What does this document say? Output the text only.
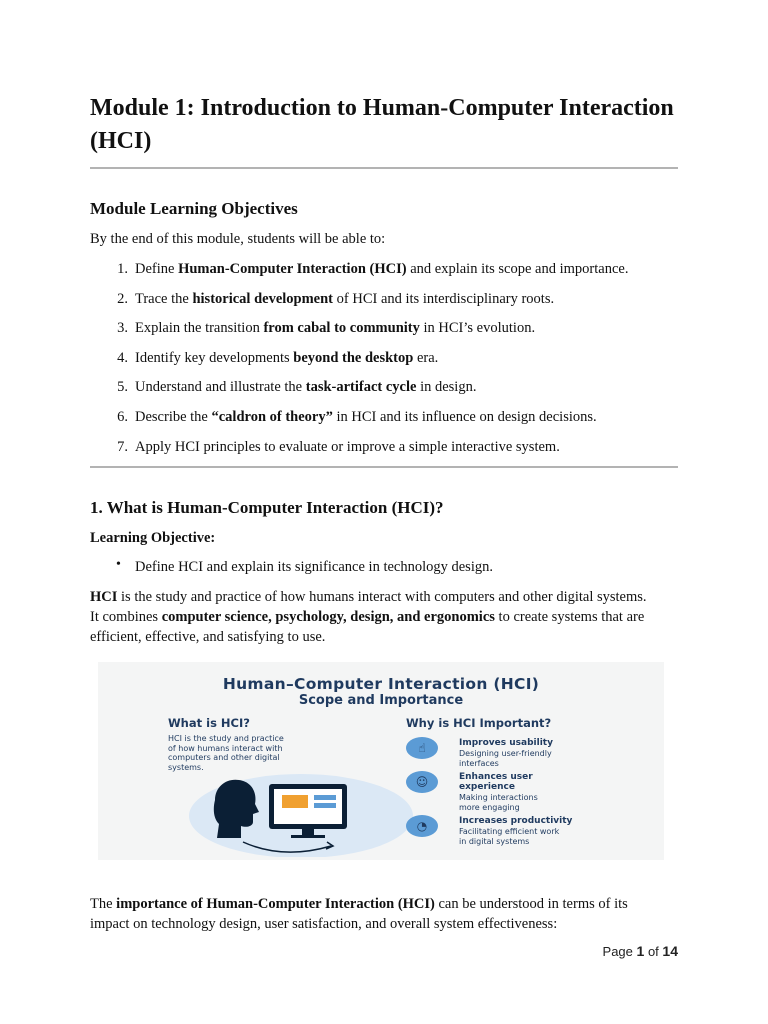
Module 1: Introduction to Human-Computer Interaction (HCI)
Module Learning Objectives

By the end of this module, students will be able to:

1. Define Human-Computer Interaction (HCI) and explain its scope and importance.
2. Trace the historical development of HCI and its interdisciplinary roots.
3. Explain the transition from cabal to community in HCI’s evolution.
4. Identify key developments beyond the desktop era.
5. Understand and illustrate the task-artifact cycle in design.
6. Describe the “caldron of theory” in HCI and its influence on design decisions.
7. Apply HCI principles to evaluate or improve a simple interactive system.
1. What is Human-Computer Interaction (HCI)?

Learning Objective:

• Define HCI and explain its significance in technology design.

HCI is the study and practice of how humans interact with computers and other digital systems.
It combines computer science, psychology, design, and ergonomics to create systems that are
efficient, effective, and satisfying to use.

The importance of Human-Computer Interaction (HCI) can be understood in terms of its
impact on technology design, user satisfaction, and overall system effectiveness:

Human–Computer Interaction (HCI)
Scope and Importance
What is HCI?
HCI is the study and practice
of how humans interact with
computers and other digital
systems.
Why is HCI Important?
☝	Improves usability
Designing user-friendly
interfaces
☺	Enhances user
experience
Making interactions
more engaging
◔	Increases productivity
Facilitating efficient work
in digital systems
Page 1 of 14
